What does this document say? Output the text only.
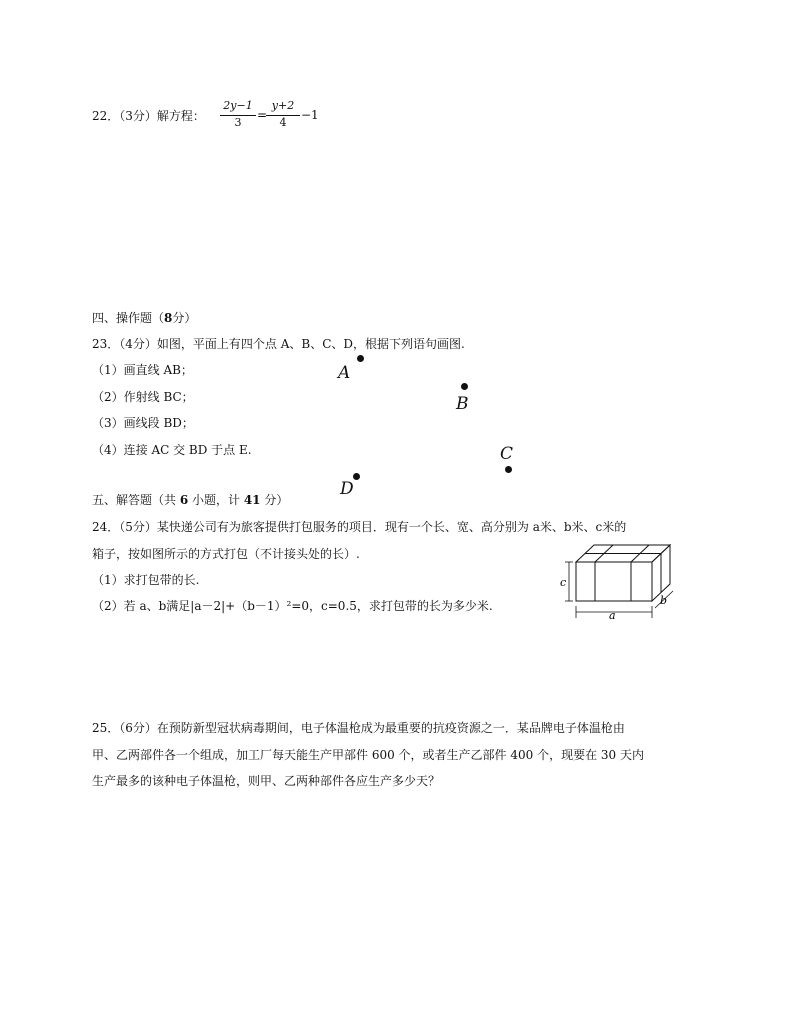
22．（3分）解方程：
2y−1
3
=
y+2
4
−1
四、操作题（8分）
23．（4分）如图，平面上有四个点 A、B、C、D，根据下列语句画图.
（1）画直线 AB；
（2）作射线 BC；
（3）画线段 BD；
（4）连接 AC 交 BD 于点 E.
A
B
C
D
五、解答题（共 6 小题，计 41 分）
24．（5分）某快递公司有为旅客提供打包服务的项目．现有一个长、宽、高分别为 a米、b米、c米的
箱子，按如图所示的方式打包（不计接头处的长）.
（1）求打包带的长.
（2）若 a、b满足|a－2|+（b－1）²=0，c=0.5，求打包带的长为多少米.
c
a
b
25．（6分）在预防新型冠状病毒期间，电子体温枪成为最重要的抗疫资源之一．某品牌电子体温枪由
甲、乙两部件各一个组成，加工厂每天能生产甲部件 600 个，或者生产乙部件 400 个，现要在 30 天内
生产最多的该种电子体温枪，则甲、乙两种部件各应生产多少天？
